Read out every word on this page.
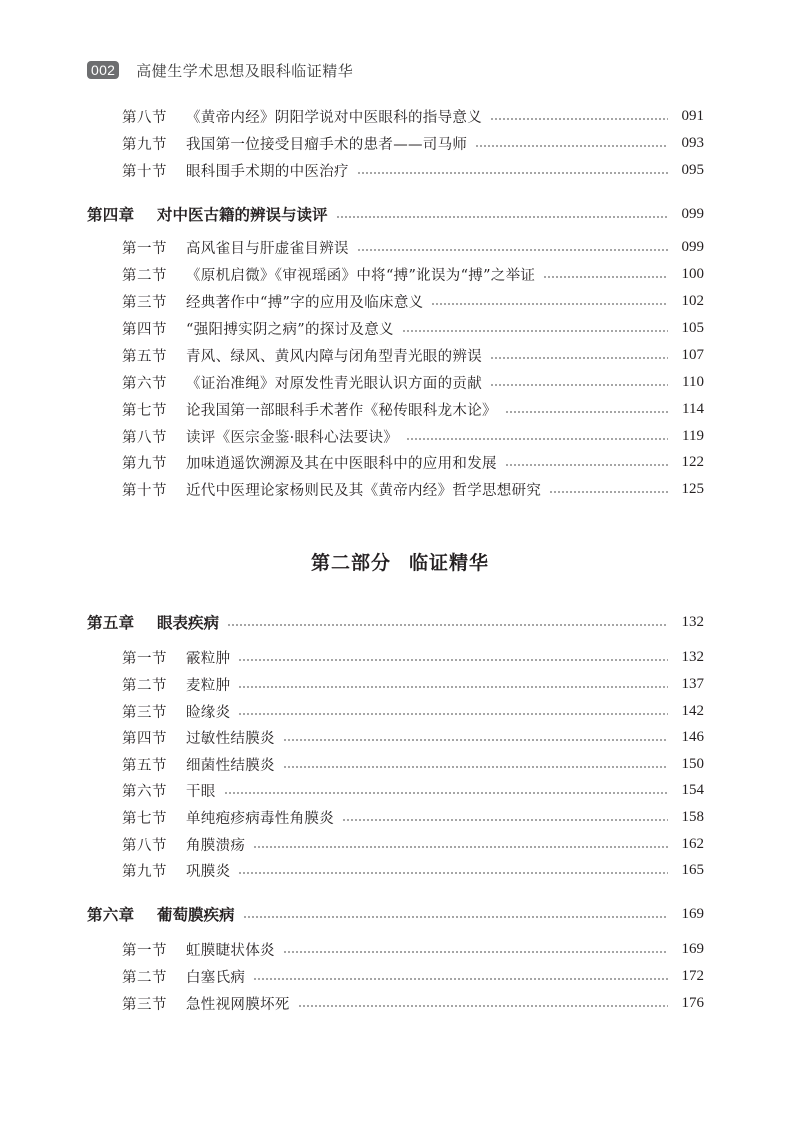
002 高健生学术思想及眼科临证精华
第八节	《黄帝内经》阴阳学说对中医眼科的指导意义	091
第九节	我国第一位接受目瘤手术的患者——司马师	093
第十节	眼科围手术期的中医治疗	095
第四章	对中医古籍的辨误与读评	099
第一节	高风雀目与肝虚雀目辨误	099
第二节	《原机启微》《审视瑶函》中将“搏”讹误为“搏”之举证	100
第三节	经典著作中“搏”字的应用及临床意义	102
第四节	“强阳搏实阴之病”的探讨及意义	105
第五节	青风、绿风、黄风内障与闭角型青光眼的辨误	107
第六节	《证治准绳》对原发性青光眼认识方面的贡献	110
第七节	论我国第一部眼科手术著作《秘传眼科龙木论》	114
第八节	读评《医宗金鉴·眼科心法要诀》	119
第九节	加味逍遥饮溯源及其在中医眼科中的应用和发展	122
第十节	近代中医理论家杨则民及其《黄帝内经》哲学思想研究	125
第二部分 临证精华
第五章	眼表疾病	132
第一节	霰粒肿	132
第二节	麦粒肿	137
第三节	睑缘炎	142
第四节	过敏性结膜炎	146
第五节	细菌性结膜炎	150
第六节	干眼	154
第七节	单纯疱疹病毒性角膜炎	158
第八节	角膜溃疡	162
第九节	巩膜炎	165
第六章	葡萄膜疾病	169
第一节	虹膜睫状体炎	169
第二节	白塞氏病	172
第三节	急性视网膜坏死	176
